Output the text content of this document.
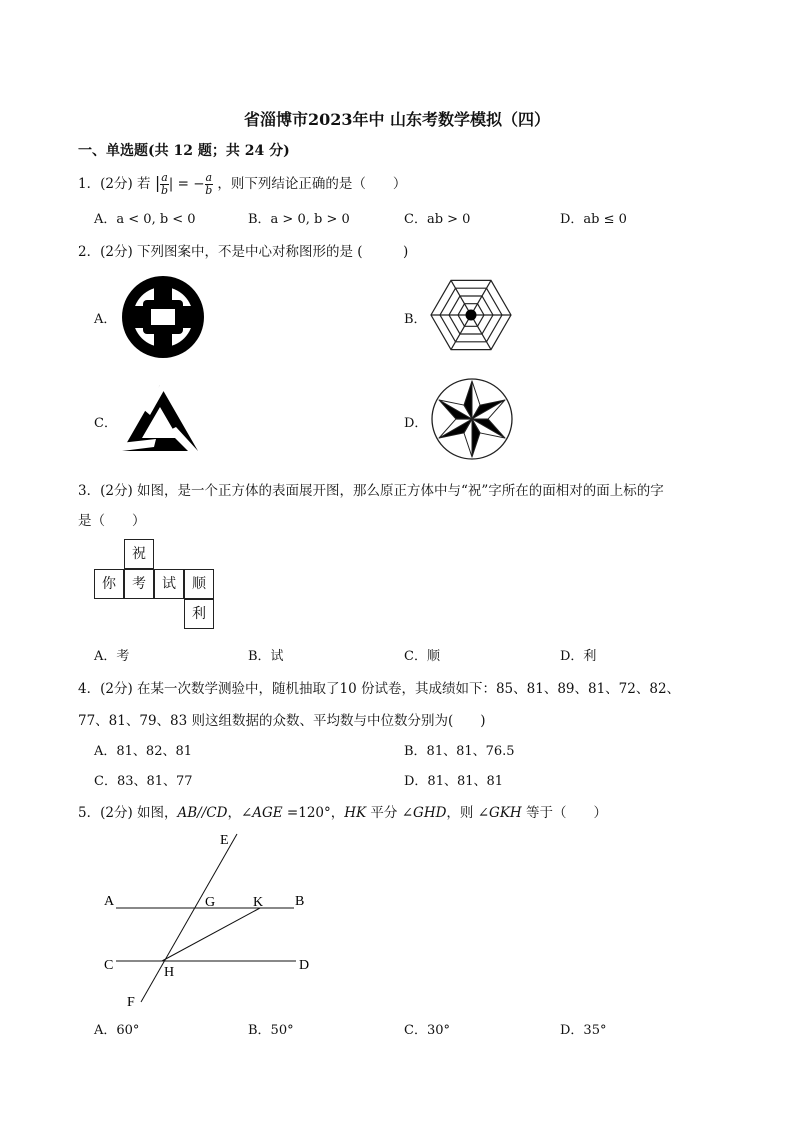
省淄博市2023年中 山东考数学模拟（四）
一、单选题(共 12 题；共 24 分)
1．(2分) 若 | $\frac{a}{b}$ | = − $\frac{a}{b}$ ，则下列结论正确的是（　　）
A．a < 0, b < 0	B．a > 0, b > 0	C．ab > 0	D．ab ≤ 0
2．(2分) 下列图案中，不是中心对称图形的是 (　　　)
A．	B．
C．	D．
3．(2分) 如图，是一个正方体的表面展开图，那么原正方体中与“祝”字所在的面相对的面上标的字
是（　　）
祝
你	考	试	顺
利
A．考	B．试	C．顺	D．利
4．(2分) 在某一次数学测验中，随机抽取了10 份试卷，其成绩如下：85、81、89、81、72、82、
77、81、79、83 则这组数据的众数、平均数与中位数分别为(　　)
A．81、82、81	B．81、81、76.5
C．83、81、77	D．81、81、81
5．(2分) 如图，AB//CD，∠AGE =120°，HK 平分 ∠GHD，则 ∠GKH 等于（　　）
E
A	G	K B
C	H	D
F
A．60°	B．50°	C．30°	D．35°
